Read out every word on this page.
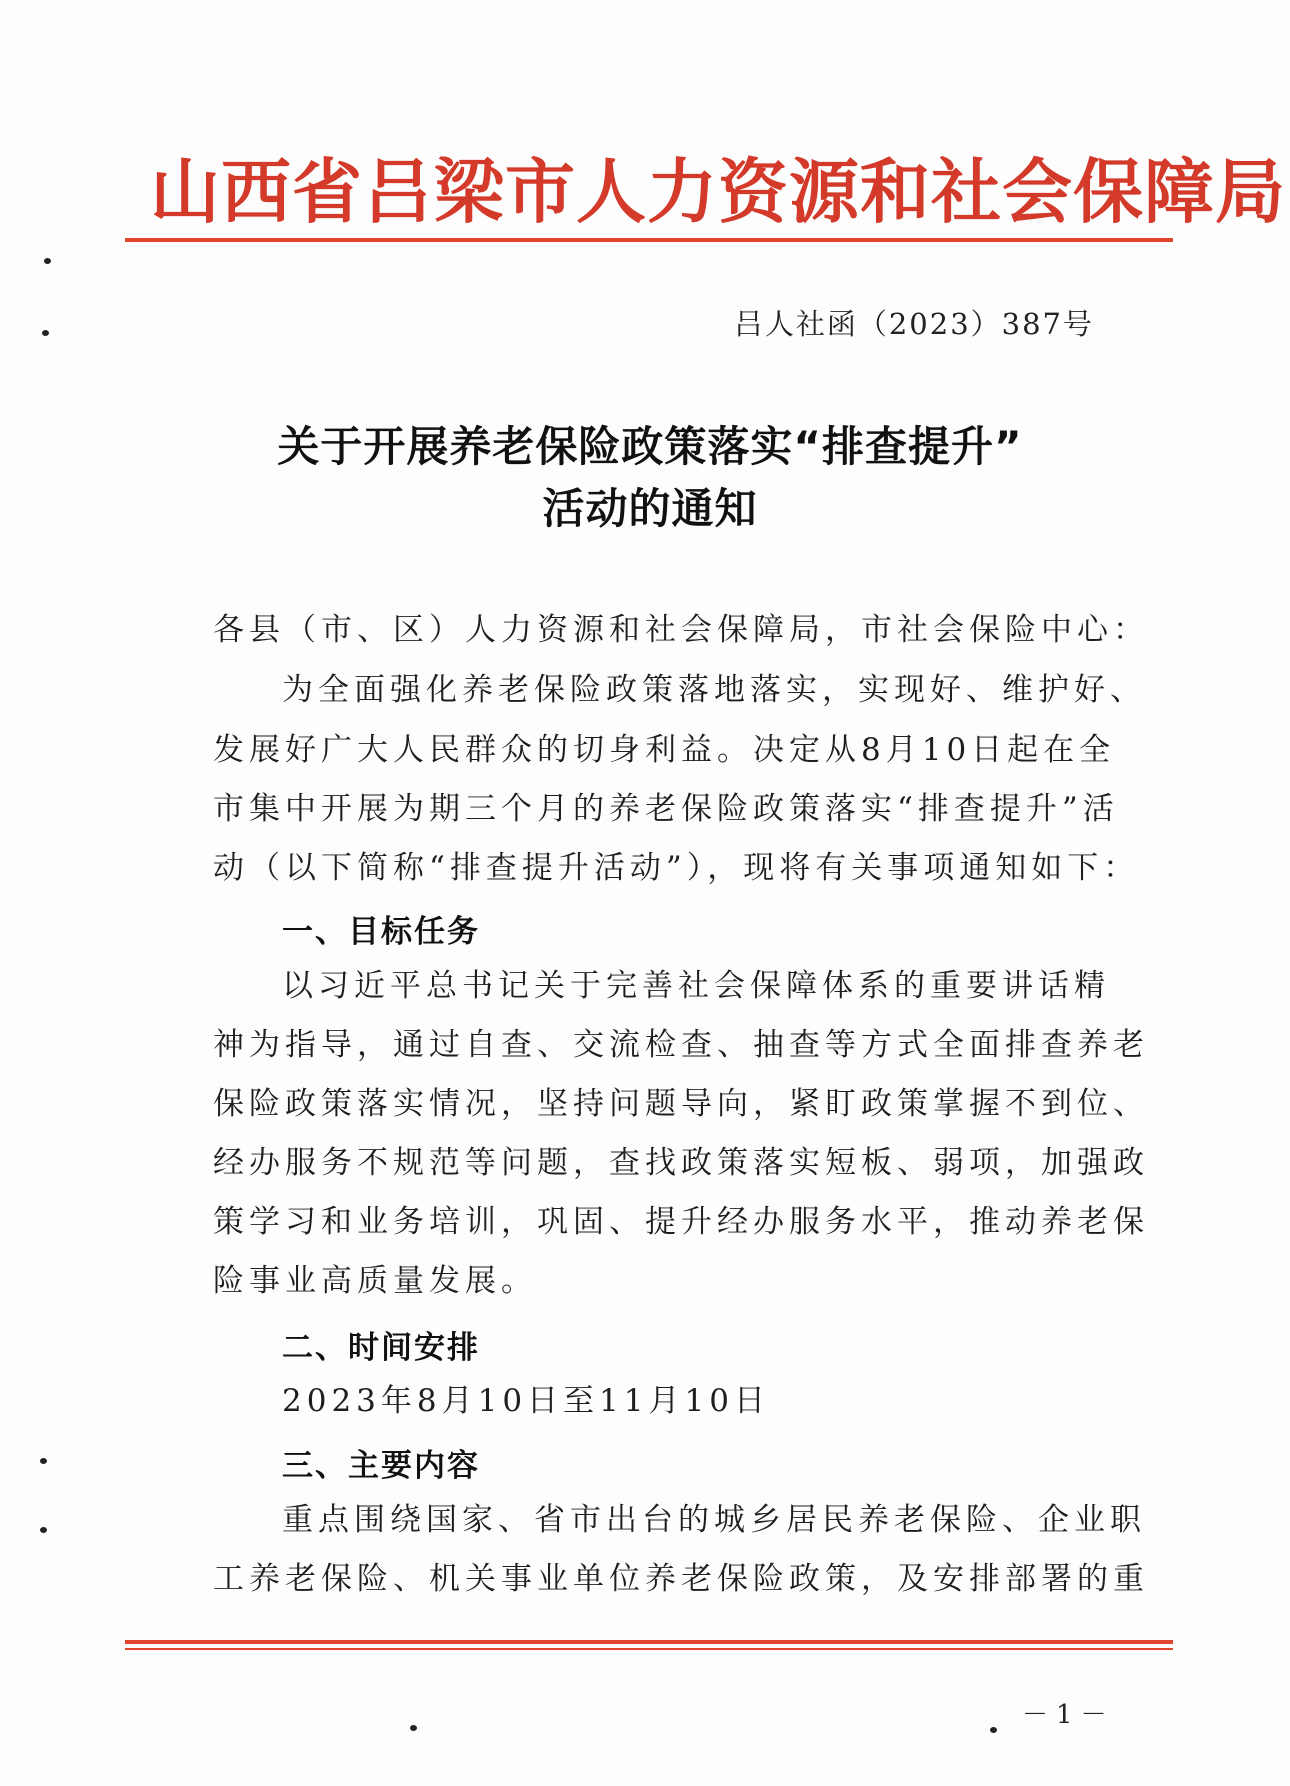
山西省吕梁市人力资源和社会保障局
吕人社函（2023）387号
关于开展养老保险政策落实“排查提升”
活动的通知
各县（市、区）人力资源和社会保障局，市社会保险中心：
为全面强化养老保险政策落地落实，实现好、维护好、
发展好广大人民群众的切身利益。决定从8月10日起在全
市集中开展为期三个月的养老保险政策落实“排查提升”活
动（以下简称“排查提升活动”），现将有关事项通知如下：
一、目标任务
以习近平总书记关于完善社会保障体系的重要讲话精
神为指导，通过自查、交流检查、抽查等方式全面排查养老
保险政策落实情况，坚持问题导向，紧盯政策掌握不到位、
经办服务不规范等问题，查找政策落实短板、弱项，加强政
策学习和业务培训，巩固、提升经办服务水平，推动养老保
险事业高质量发展。
二、时间安排
2023年8月10日至11月10日
三、主要内容
重点围绕国家、省市出台的城乡居民养老保险、企业职
工养老保险、机关事业单位养老保险政策，及安排部署的重
－1－
